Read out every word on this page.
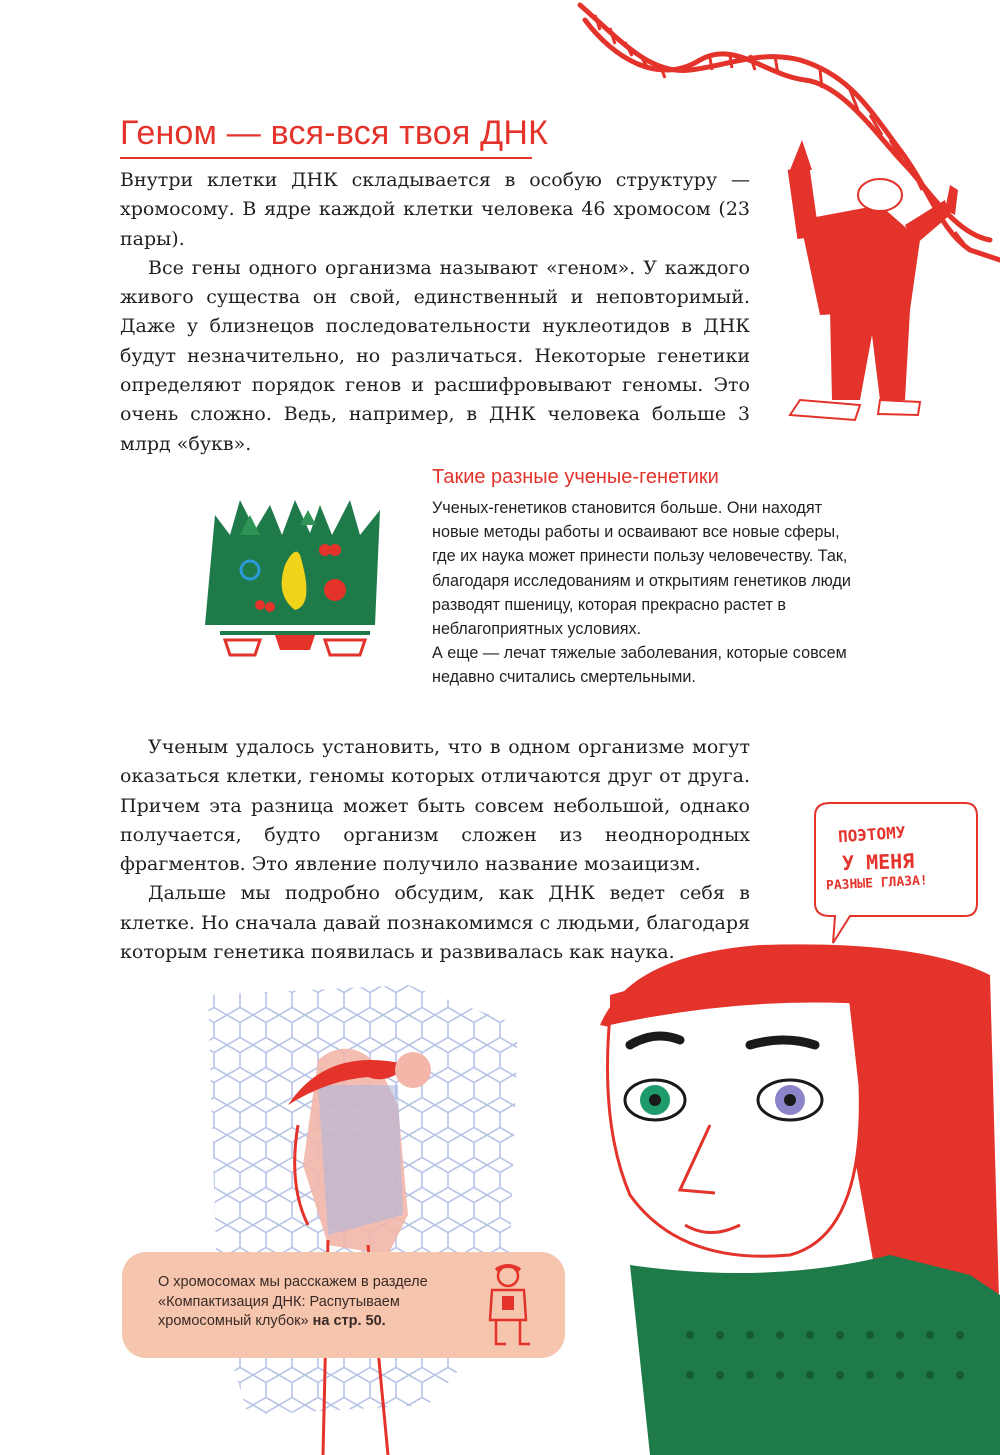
Геном — вся-вся твоя ДНК

Внутри клетки ДНК складывается в особую структуру — хромосому. В ядре каждой клетки человека 46 хромосом (23 пары).

Все гены одного организма называют «геном». У каждого живого существа он свой, единственный и неповторимый. Даже у близнецов последовательности нуклеотидов в ДНК будут незначительно, но различаться. Некоторые генетики определяют порядок генов и расшифровывают геномы. Это очень сложно. Ведь, например, в ДНК человека больше 3 млрд «букв».

Такие разные ученые-генетики

Ученых-генетиков становится больше. Они находят новые методы работы и осваивают все новые сферы, где их наука может принести пользу человечеству. Так, благодаря исследованиям и открытиям генетиков люди разводят пшеницу, которая прекрасно растет в неблагоприятных условиях.

А еще — лечат тяжелые заболевания, которые совсем недавно считались смертельными.

Ученым удалось установить, что в одном организме могут оказаться клетки, геномы которых отличаются друг от друга. Причем эта разница может быть совсем небольшой, однако получается, будто организм сложен из неоднородных фрагментов. Это явление получило название мозаицизм.

Дальше мы подробно обсудим, как ДНК ведет себя в клетке. Но сначала давай познакомимся с людьми, благодаря которым генетика появилась и развивалась как наука.

ПОЭТОМУ
У МЕНЯ
РАЗНЫЕ ГЛАЗА!
О хромосомах мы расскажем в разделе «Компактизация ДНК: Распутываем хромосомный клубок» на стр. 50.
